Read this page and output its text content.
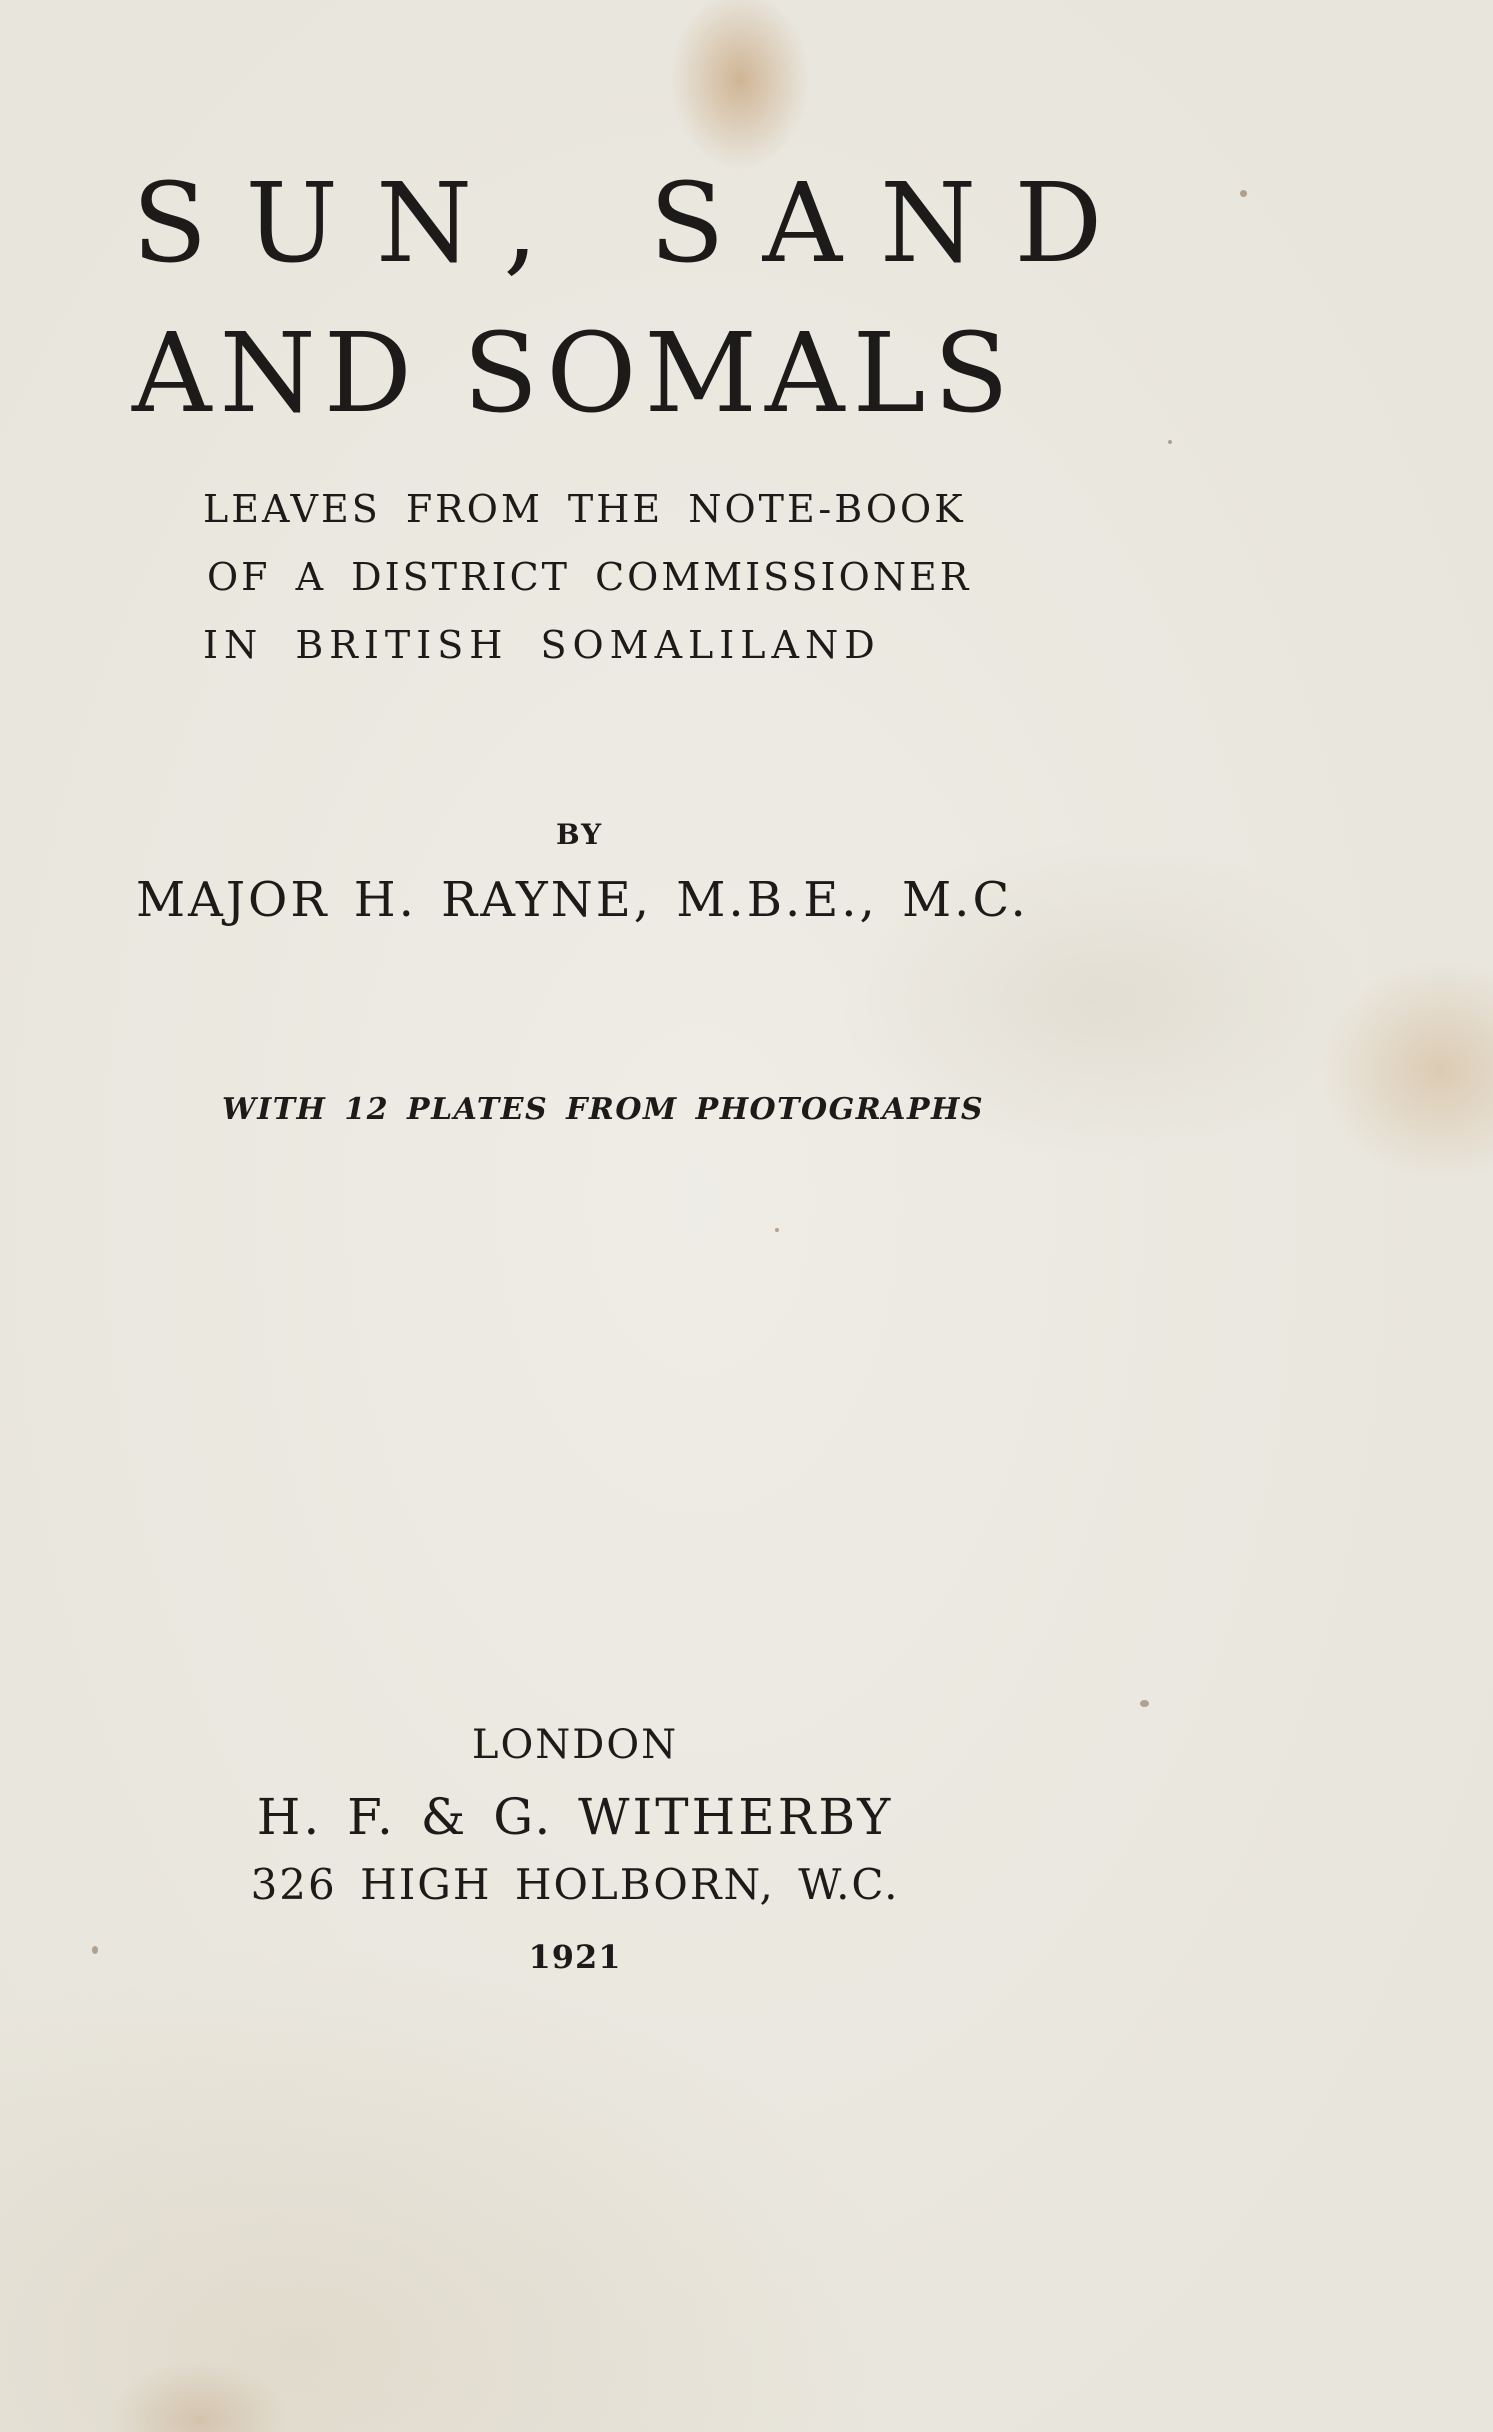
SUN, SAND
AND SOMALS
LEAVES FROM THE NOTE-BOOK
OF A DISTRICT COMMISSIONER
IN BRITISH SOMALILAND
BY
MAJOR H. RAYNE, M.B.E., M.C.
WITH 12 PLATES FROM PHOTOGRAPHS
LONDON
H. F. & G. WITHERBY
326 HIGH HOLBORN, W.C.
1921
